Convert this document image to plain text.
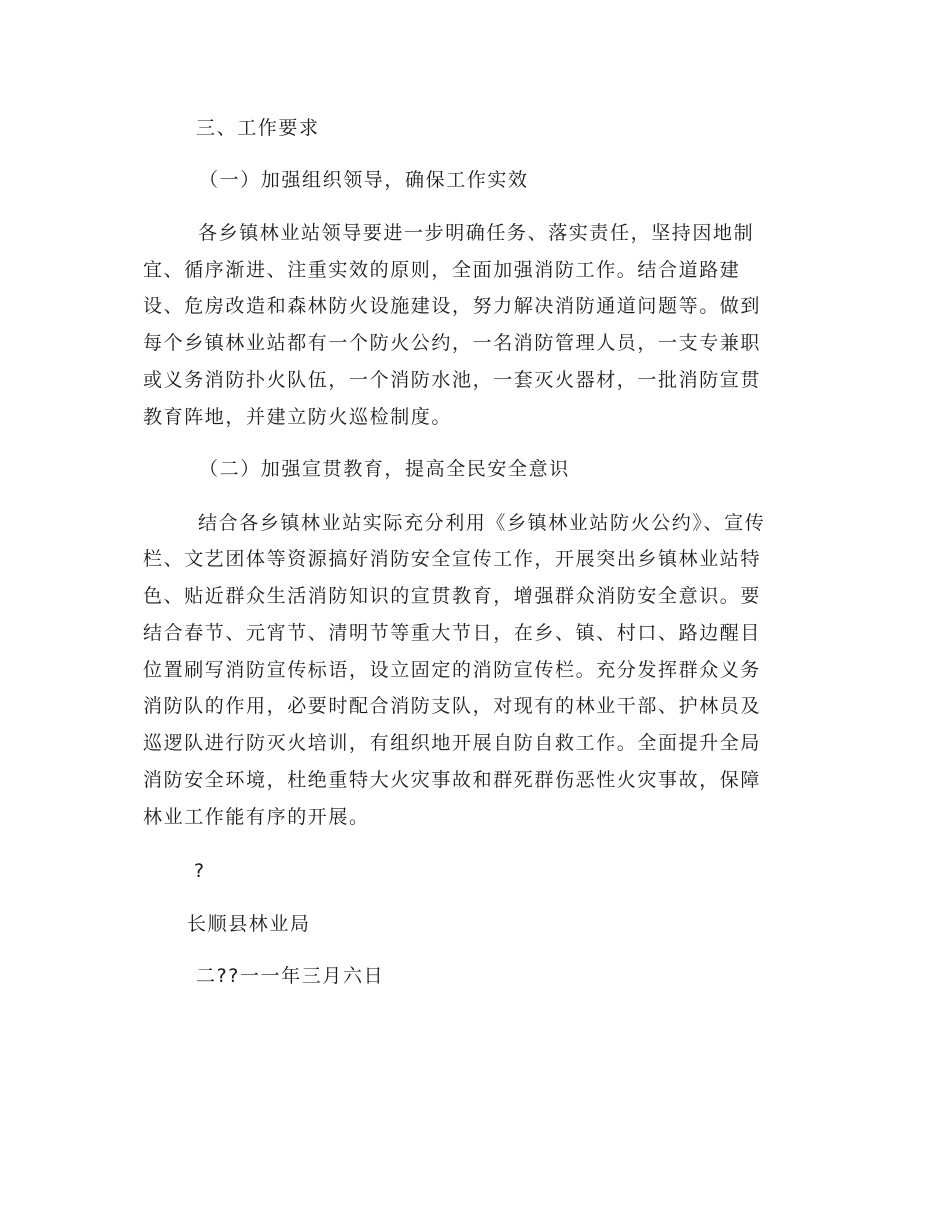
三、工作要求
（一）加强组织领导，确保工作实效
各乡镇林业站领导要进一步明确任务、落实责任，坚持因地制
宜、循序渐进、注重实效的原则，全面加强消防工作。结合道路建
设、危房改造和森林防火设施建设，努力解决消防通道问题等。做到
每个乡镇林业站都有一个防火公约，一名消防管理人员，一支专兼职
或义务消防扑火队伍，一个消防水池，一套灭火器材，一批消防宣贯
教育阵地，并建立防火巡检制度。
（二）加强宣贯教育，提高全民安全意识
结合各乡镇林业站实际充分利用《乡镇林业站防火公约》、宣传
栏、文艺团体等资源搞好消防安全宣传工作，开展突出乡镇林业站特
色、贴近群众生活消防知识的宣贯教育，增强群众消防安全意识。要
结合春节、元宵节、清明节等重大节日，在乡、镇、村口、路边醒目
位置刷写消防宣传标语，设立固定的消防宣传栏。充分发挥群众义务
消防队的作用，必要时配合消防支队，对现有的林业干部、护林员及
巡逻队进行防灭火培训，有组织地开展自防自救工作。全面提升全局
消防安全环境，杜绝重特大火灾事故和群死群伤恶性火灾事故，保障
林业工作能有序的开展。
?
长顺县林业局
二??一一年三月六日
